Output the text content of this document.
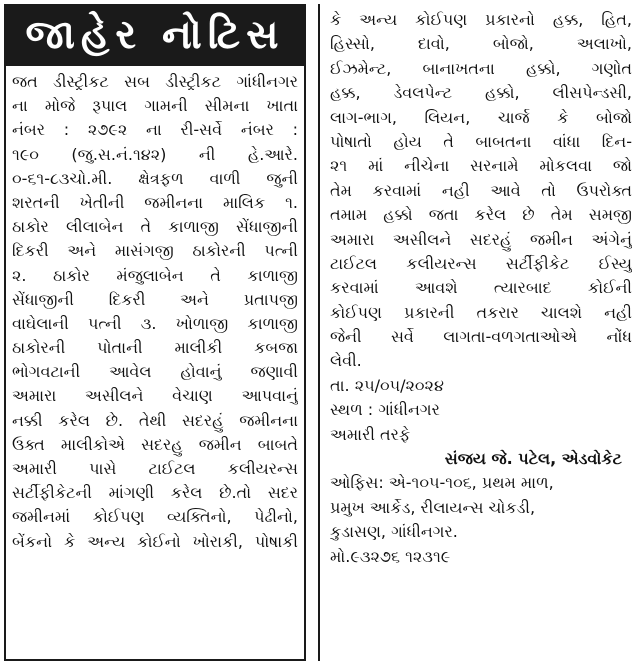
જાહેર નોટિસ
જત ડીસ્ટ્રીકટ સબ ડીસ્ટ્રીકટ ગાંધીનગર
ના મોજે રૂપાલ ગામની સીમના ખાતા
નંબર : ૨૭૯૨ ના રી-સર્વે નંબર :
૧૯૦ (જુ.સ.નં.૧૪૨) ની હે.આરે.
૦-૬૧-૮૩ચો.મી. ક્ષેત્રફળ વાળી જુની
શરતની ખેતીની જમીનના માલિક ૧.
ઠાકોર લીલાબેન તે કાળાજી સેંધાજીની
દિકરી અને માસંગજી ઠાકોરની પત્ની
૨. ઠાકોર મંજુલાબેન તે કાળાજી
સેંધાજીની દિકરી અને પ્રતાપજી
વાઘેલાની પત્ની ૩. ખોળાજી કાળાજી
ઠાકોરની પોતાની માલીકી કબજા
ભોગવટાની આવેલ હોવાનું જણાવી
અમારા અસીલને વેચાણ આપવાનું
નક્કી કરેલ છે. તેથી સદરહું જમીનના
ઉક્ત માલીકોએ સદરહુ જમીન બાબતે
અમારી પાસે ટાઈટલ કલીયરન્સ
સર્ટીફીકેટની માંગણી કરેલ છે.તો સદર
જમીનમાં કોઈપણ વ્યક્તિનો, પેઢીનો,
બેંકનો કે અન્ય કોઈનો ખોરાકી, પોષાકી
કે અન્ય કોઈપણ પ્રકારનો હક્ક, હિત,
હિસ્સો, દાવો, બોજો, અલાખો,
ઈઝમેન્ટ, બાનાખતના હક્કો, ગણોત
હક્ક, ડેવલપેન્ટ હક્કો, લીસપેન્ડસી,
લાગ-ભાગ, લિયન, ચાર્જ કે બોજો
પોષાતો હોય તે બાબતના વાંધા દિન-
૨૧ માં નીચેના સરનામે મોકલવા જો
તેમ કરવામાં નહી આવે તો ઉપરોક્ત
તમામ હક્કો જતા કરેલ છે તેમ સમજી
અમારા અસીલને સદરહું જમીન અંગેનું
ટાઈટલ કલીયરન્સ સર્ટીફીકેટ ઈસ્યુ
કરવામાં આવશે ત્યારબાદ કોઈની
કોઈપણ પ્રકારની તકરાર ચાલશે નહી
જેની સર્વે લાગતા-વળગતાઓએ નોંધ
લેવી.
તા. ૨૫/૦૫/૨૦૨૪
સ્થળ : ગાંધીનગર
અમારી તરફે
સંજય જે. પટેલ, એડવોકેટ
ઓફિસ: એ-૧૦૫-૧૦૬, પ્રથમ માળ,
પ્રમુખ આર્કેડ, રીલાયન્સ ચોકડી,
કુડાસણ, ગાંધીનગર.
મો.૯૩૨૭૬ ૧૨૩૧૯
